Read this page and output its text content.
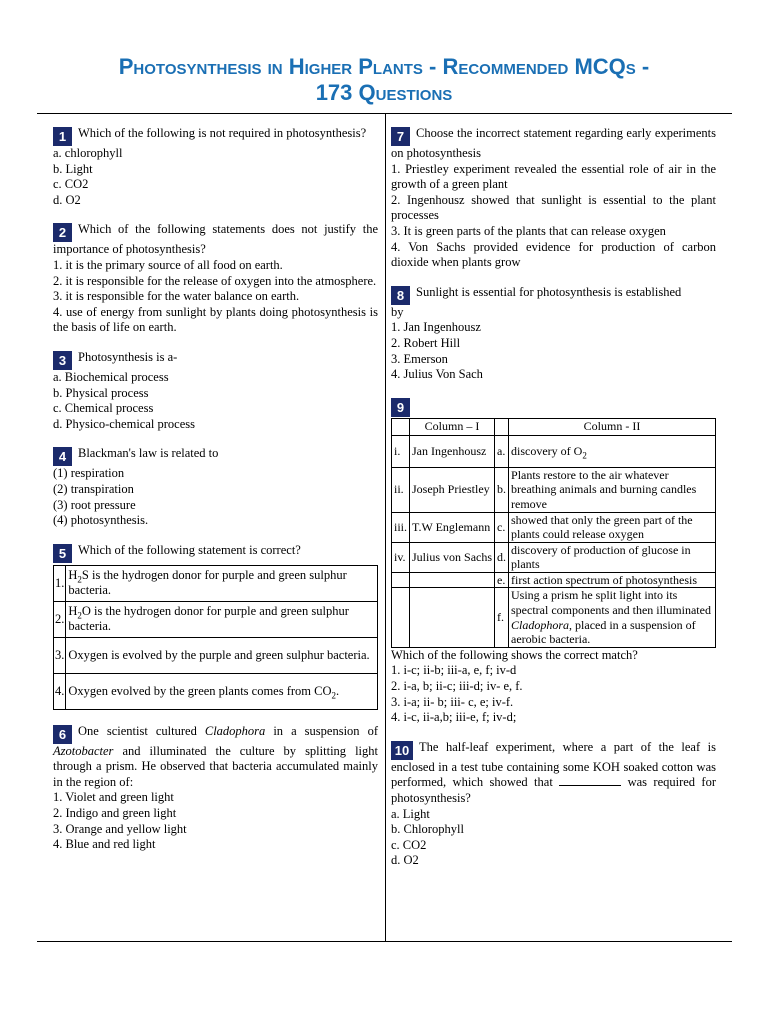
Photosynthesis in Higher Plants - Recommended MCQs -
173 Questions
1 Which of the following is not required in photosynthesis?
a. chlorophyll
b. Light
c. CO2
d. O2
2 Which of the following statements does not justify the importance of photosynthesis?
1. it is the primary source of all food on earth.
2. it is responsible for the release of oxygen into the atmosphere.
3. it is responsible for the water balance on earth.
4. use of energy from sunlight by plants doing photosynthesis is the basis of life on earth.
3 Photosynthesis is a-
a. Biochemical process
b. Physical process
c. Chemical process
d. Physico-chemical process
4 Blackman's law is related to
(1) respiration
(2) transpiration
(3) root pressure
(4) photosynthesis.
5 Which of the following statement is correct?
1.	$H_2S$ is the hydrogen donor for purple and green sulphur bacteria.
2.	$H_2O$ is the hydrogen donor for purple and green sulphur bacteria.
3.	Oxygen is evolved by the purple and green sulphur bacteria.
4.	Oxygen evolved by the green plants comes from $CO_2$.
6 One scientist cultured Cladophora in a suspension of Azotobacter and illuminated the culture by splitting light through a prism. He observed that bacteria accumulated mainly in the region of:
1. Violet and green light
2. Indigo and green light
3. Orange and yellow light
4. Blue and red light
7 Choose the incorrect statement regarding early experiments on photosynthesis
1. Priestley experiment revealed the essential role of air in the growth of a green plant
2. Ingenhousz showed that sunlight is essential to the plant processes
3. It is green parts of the plants that can release oxygen
4. Von Sachs provided evidence for production of carbon dioxide when plants grow
8 Sunlight is essential for photosynthesis is established
by
1. Jan Ingenhousz
2. Robert Hill
3. Emerson
4. Julius Von Sach
9
	Column – I		Column - II
i.	Jan Ingenhousz	a.	discovery of $O_2$
ii.	Joseph Priestley	b.	Plants restore to the air whatever breathing animals and burning candles remove
iii.	T.W Englemann	c.	showed that only the green part of the plants could release oxygen
iv.	Julius von Sachs	d.	discovery of production of glucose in plants
		e.	first action spectrum of photosynthesis
		f.	Using a prism he split light into its spectral components and then illuminated Cladophora, placed in a suspension of aerobic bacteria.
Which of the following shows the correct match?
1. i-c; ii-b; iii-a, e, f; iv-d
2. i-a, b; ii-c; iii-d; iv- e, f.
3. i-a; ii- b; iii- c, e; iv-f.
4. i-c, ii-a,b; iii-e, f; iv-d;
10 The half-leaf experiment, where a part of the leaf is enclosed in a test tube containing some KOH soaked cotton was performed, which showed that	was required for photosynthesis?
a. Light
b. Chlorophyll
c. CO2
d. O2
